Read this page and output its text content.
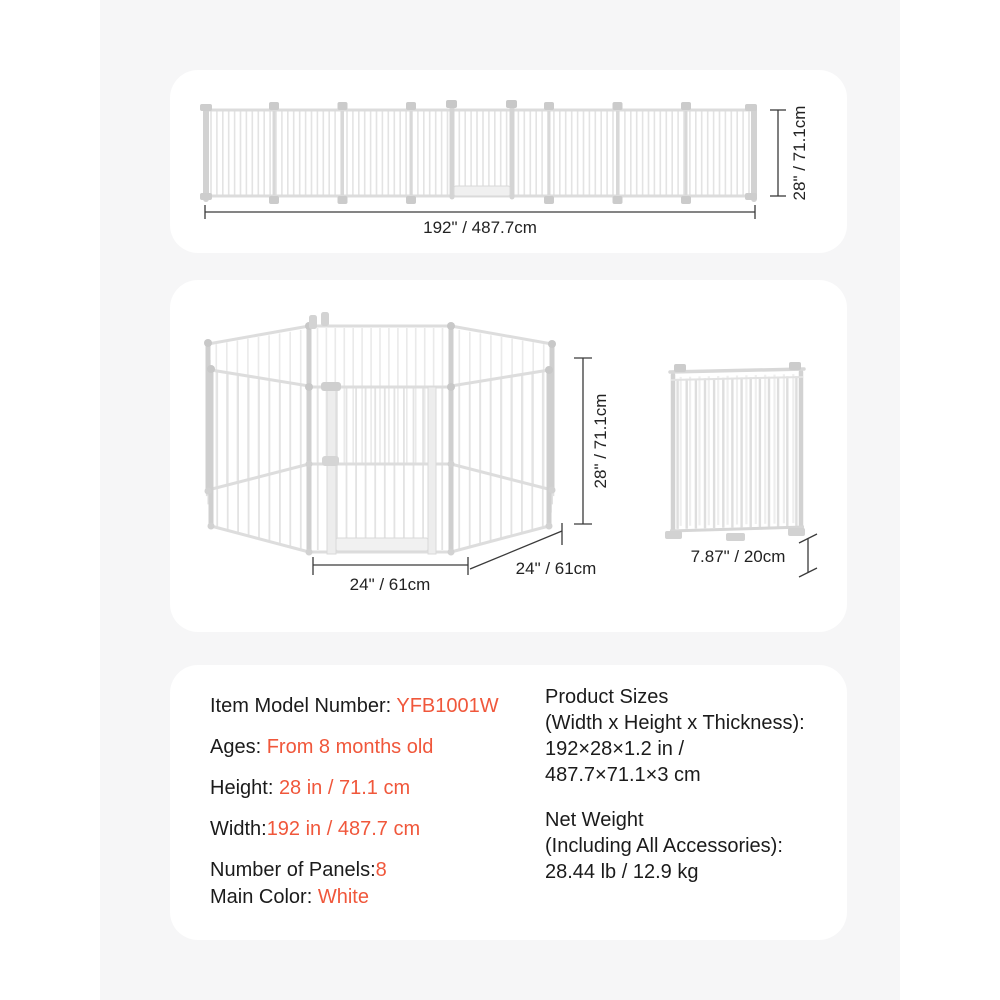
192" / 487.7cm
28" / 71.1cm
24" / 61cm
24" / 61cm
28" / 71.1cm
7.87" / 20cm

Item Model Number: YFB1001W

Ages: From 8 months old

Height: 28 in / 71.1 cm

Width:192 in / 487.7 cm

Number of Panels:8

Main Color: White

Product Sizes

(Width x Height x Thickness):

192×28×1.2 in /

487.7×71.1×3 cm

Net Weight

(Including All Accessories):

28.44 lb / 12.9 kg
